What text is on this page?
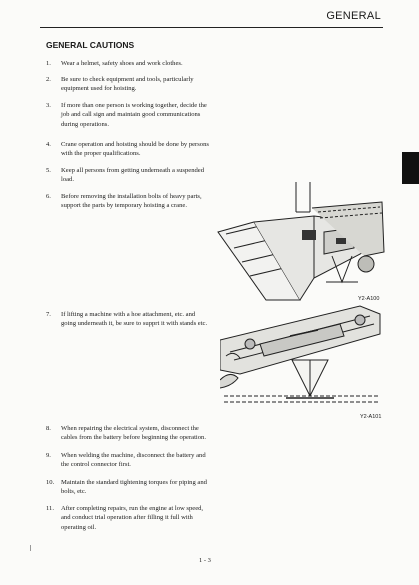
GENERAL
GENERAL CAUTIONS
1.	Wear a helmet, safety shoes and work clothes.
2.	Be sure to check equipment and tools, particularly equipment used for hoisting.
3.	If more than one person is working together, decide the job and call sign and maintain good communications during operations.
4.	Crane operation and hoisting should be done by persons with the proper qualifications.
5.	Keep all persons from getting underneath a suspended load.
6.	Before removing the installation bolts of heavy parts, support the parts by temporary hoisting a crane.
7.	If lifting a machine with a hoe attachment, etc. and going underneath it, be sure to supprt it with stands etc.
8.	When repairing the electrical system, disconnect the cables from the battery before beginning the operation.
9.	When welding the machine, disconnect the battery and the control connector first.
10.	Maintain the standard tightening torques for piping and bolts, etc.
11.	After completing repairs, run the engine at low speed, and conduct trial operation after filling it full with operating oil.
Y2-A100
Y2-A101
1 - 3
